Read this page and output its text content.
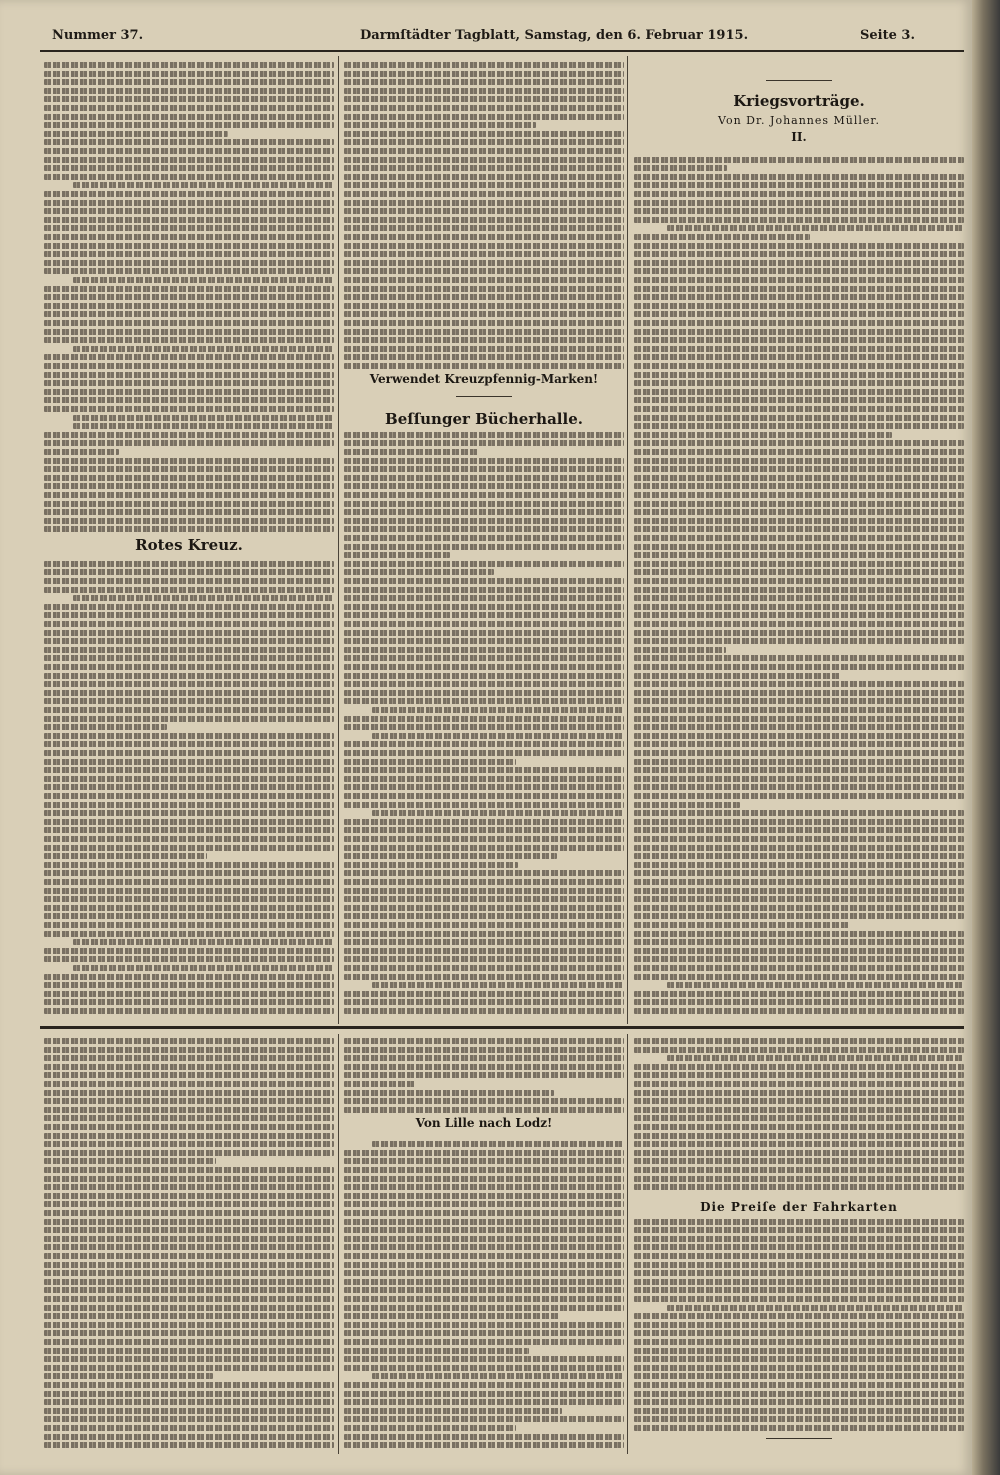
Nummer 37.	Darmſtädter Tagblatt, Samstag, den 6. Februar 1915.	Seite 3.
Rotes Kreuz.
Verwendet Kreuzpfennig-Marken!
Beſſunger Bücherhalle.
Kriegsvorträge.
Von Dr. Johannes Müller.
II.
Von Lille nach Lodz!
Die Preiſe der Fahrkarten
